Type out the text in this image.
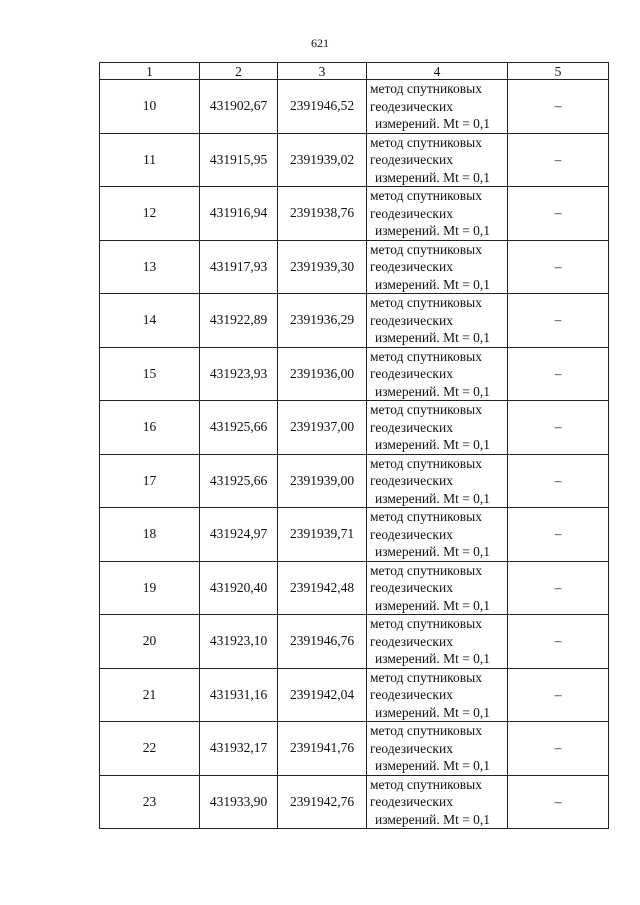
621
1	2	3	4	5
10	431902,67	2391946,52	метод спутниковых
геодезических
измерений. Mt = 0,1	–
11	431915,95	2391939,02	метод спутниковых
геодезических
измерений. Mt = 0,1	–
12	431916,94	2391938,76	метод спутниковых
геодезических
измерений. Mt = 0,1	–
13	431917,93	2391939,30	метод спутниковых
геодезических
измерений. Mt = 0,1	–
14	431922,89	2391936,29	метод спутниковых
геодезических
измерений. Mt = 0,1	–
15	431923,93	2391936,00	метод спутниковых
геодезических
измерений. Mt = 0,1	–
16	431925,66	2391937,00	метод спутниковых
геодезических
измерений. Mt = 0,1	–
17	431925,66	2391939,00	метод спутниковых
геодезических
измерений. Mt = 0,1	–
18	431924,97	2391939,71	метод спутниковых
геодезических
измерений. Mt = 0,1	–
19	431920,40	2391942,48	метод спутниковых
геодезических
измерений. Mt = 0,1	–
20	431923,10	2391946,76	метод спутниковых
геодезических
измерений. Mt = 0,1	–
21	431931,16	2391942,04	метод спутниковых
геодезических
измерений. Mt = 0,1	–
22	431932,17	2391941,76	метод спутниковых
геодезических
измерений. Mt = 0,1	–
23	431933,90	2391942,76	метод спутниковых
геодезических
измерений. Mt = 0,1	–
